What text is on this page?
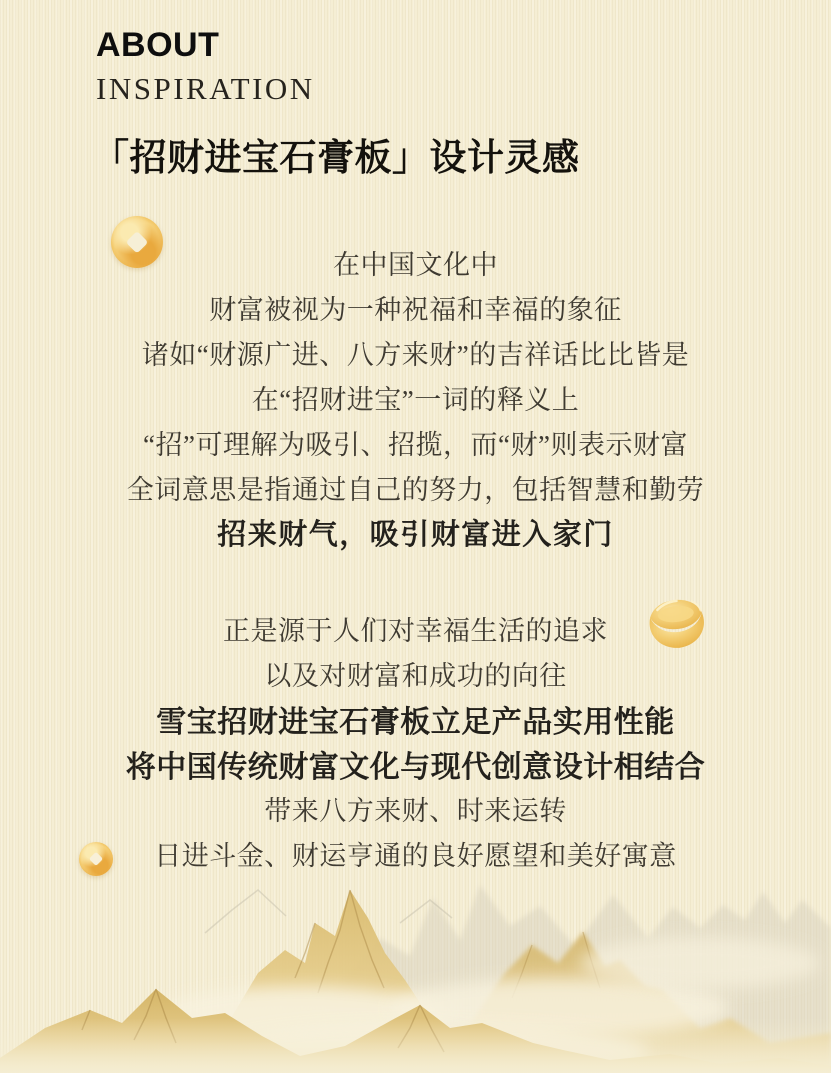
ABOUT
INSPIRATION
「招财进宝石膏板」设计灵感
在中国文化中
财富被视为一种祝福和幸福的象征
诸如“财源广进、八方来财”的吉祥话比比皆是
在“招财进宝”一词的释义上
“招”可理解为吸引、招揽，而“财”则表示财富
全词意思是指通过自己的努力，包括智慧和勤劳
招来财气，吸引财富进入家门
正是源于人们对幸福生活的追求
以及对财富和成功的向往
雪宝招财进宝石膏板立足产品实用性能
将中国传统财富文化与现代创意设计相结合
带来八方来财、时来运转
日进斗金、财运亨通的良好愿望和美好寓意
